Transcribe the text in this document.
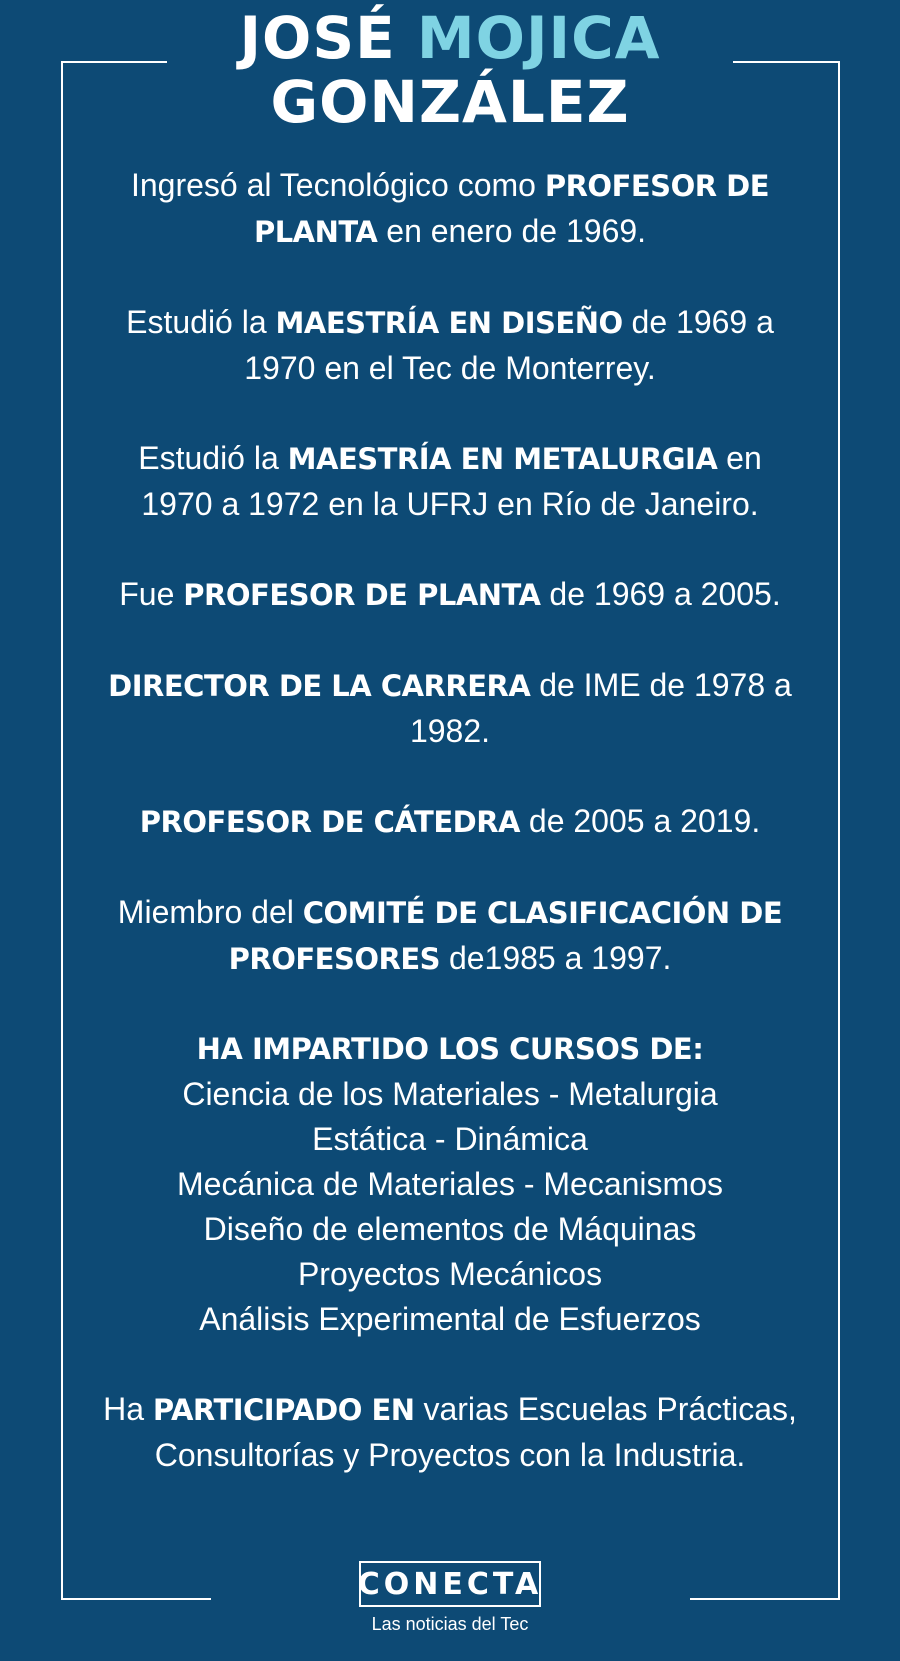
JOSÉ MOJICA
GONZÁLEZ

Ingresó al Tecnológico como PROFESOR DE PLANTA en enero de 1969.

Estudió la MAESTRÍA EN DISEÑO de 1969 a 1970 en el Tec de Monterrey.

Estudió la MAESTRÍA EN METALURGIA en 1970 a 1972 en la UFRJ en Río de Janeiro.

Fue PROFESOR DE PLANTA de 1969 a 2005.

DIRECTOR DE LA CARRERA de IME de 1978 a 1982.

PROFESOR DE CÁTEDRA de 2005 a 2019.

Miembro del COMITÉ DE CLASIFICACIÓN DE PROFESORES de1985 a 1997.

HA IMPARTIDO LOS CURSOS DE:
Ciencia de los Materiales - Metalurgia
Estática - Dinámica
Mecánica de Materiales - Mecanismos
Diseño de elementos de Máquinas
Proyectos Mecánicos
Análisis Experimental de Esfuerzos

Ha PARTICIPADO EN varias Escuelas Prácticas, Consultorías y Proyectos con la Industria.

CONECTA
Las noticias del Tec
